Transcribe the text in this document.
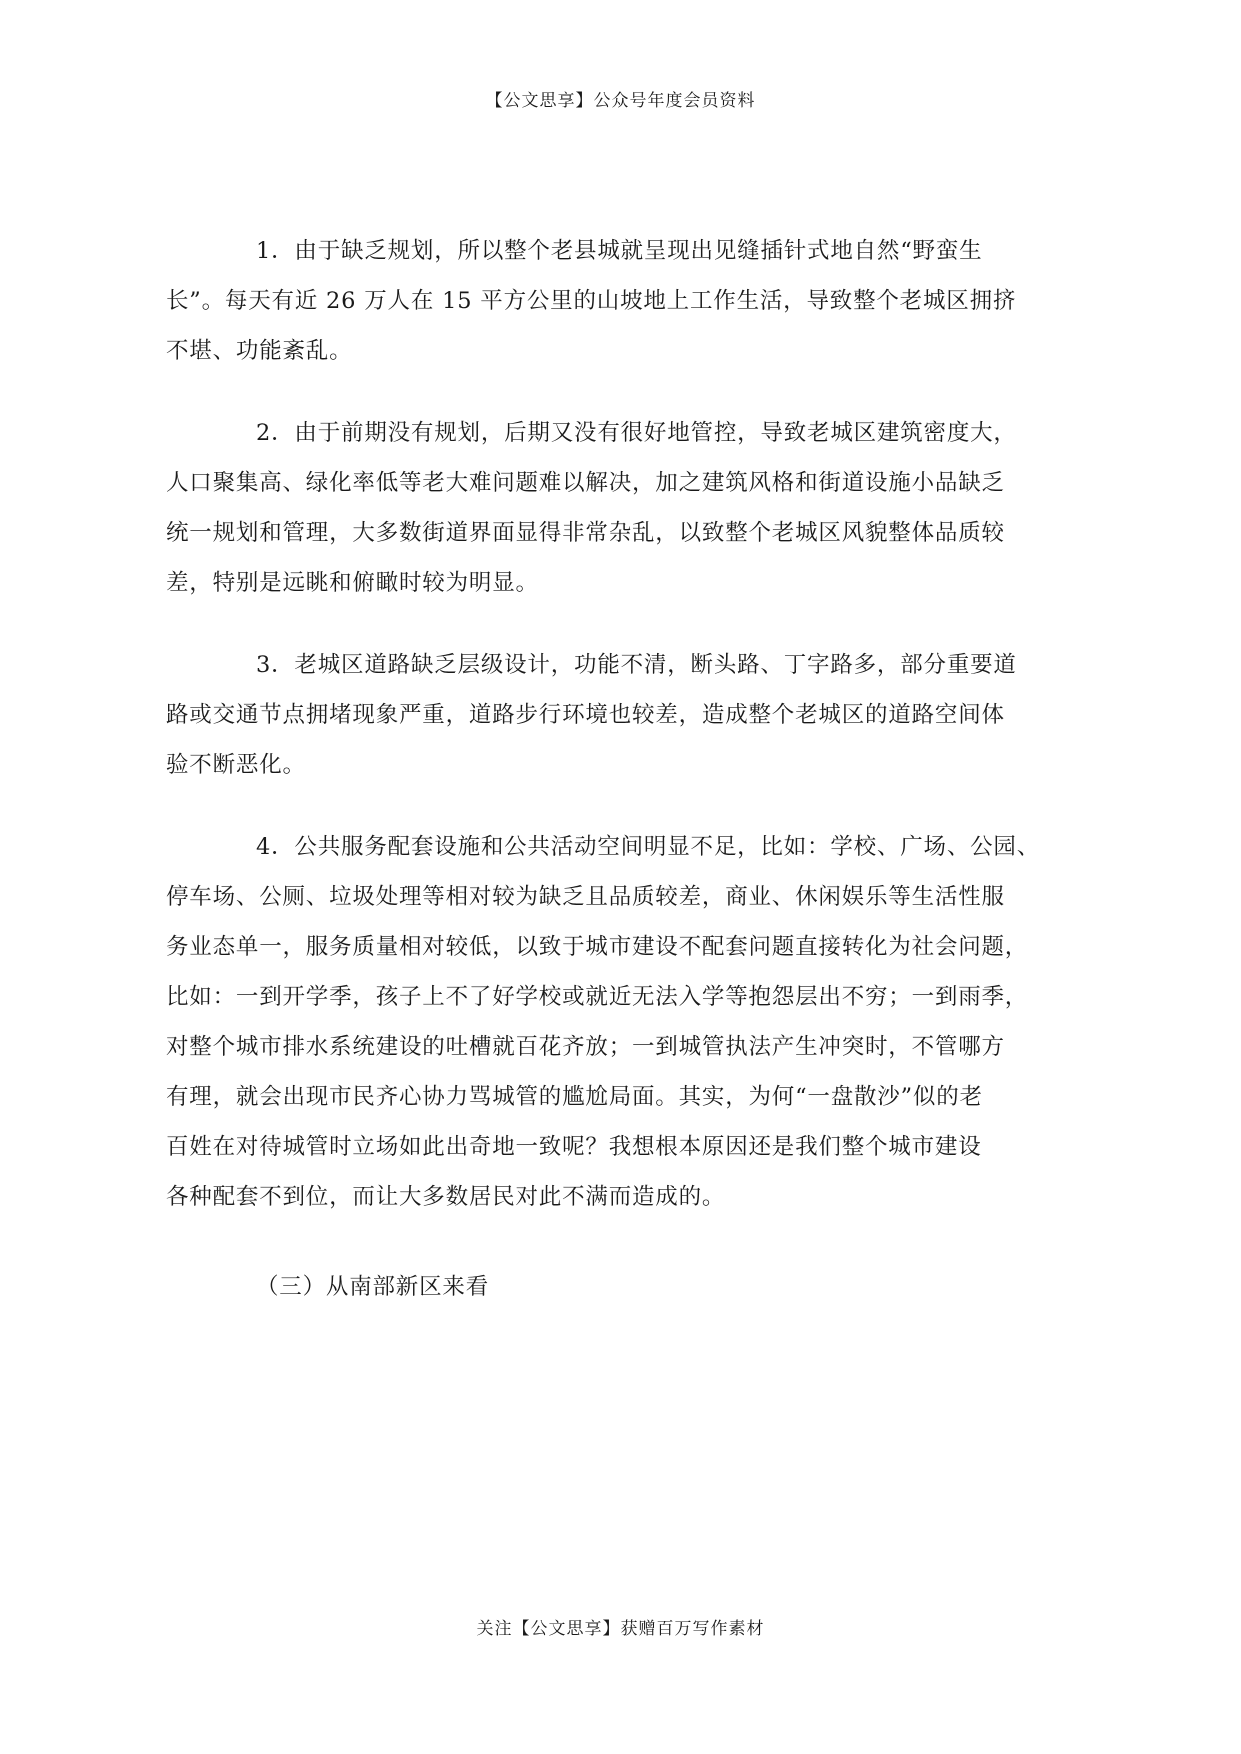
【公文思享】公众号年度会员资料
1．由于缺乏规划，所以整个老县城就呈现出见缝插针式地自然“野蛮生
长”。每天有近 26 万人在 15 平方公里的山坡地上工作生活，导致整个老城区拥挤
不堪、功能紊乱。
2．由于前期没有规划，后期又没有很好地管控，导致老城区建筑密度大，
人口聚集高、绿化率低等老大难问题难以解决，加之建筑风格和街道设施小品缺乏
统一规划和管理，大多数街道界面显得非常杂乱，以致整个老城区风貌整体品质较
差，特别是远眺和俯瞰时较为明显。
3．老城区道路缺乏层级设计，功能不清，断头路、丁字路多，部分重要道
路或交通节点拥堵现象严重，道路步行环境也较差，造成整个老城区的道路空间体
验不断恶化。
4．公共服务配套设施和公共活动空间明显不足，比如：学校、广场、公园、
停车场、公厕、垃圾处理等相对较为缺乏且品质较差，商业、休闲娱乐等生活性服
务业态单一，服务质量相对较低，以致于城市建设不配套问题直接转化为社会问题，
比如：一到开学季，孩子上不了好学校或就近无法入学等抱怨层出不穷；一到雨季，
对整个城市排水系统建设的吐槽就百花齐放；一到城管执法产生冲突时，不管哪方
有理，就会出现市民齐心协力骂城管的尴尬局面。其实，为何“一盘散沙”似的老
百姓在对待城管时立场如此出奇地一致呢？我想根本原因还是我们整个城市建设
各种配套不到位，而让大多数居民对此不满而造成的。
（三）从南部新区来看
关注【公文思享】获赠百万写作素材
